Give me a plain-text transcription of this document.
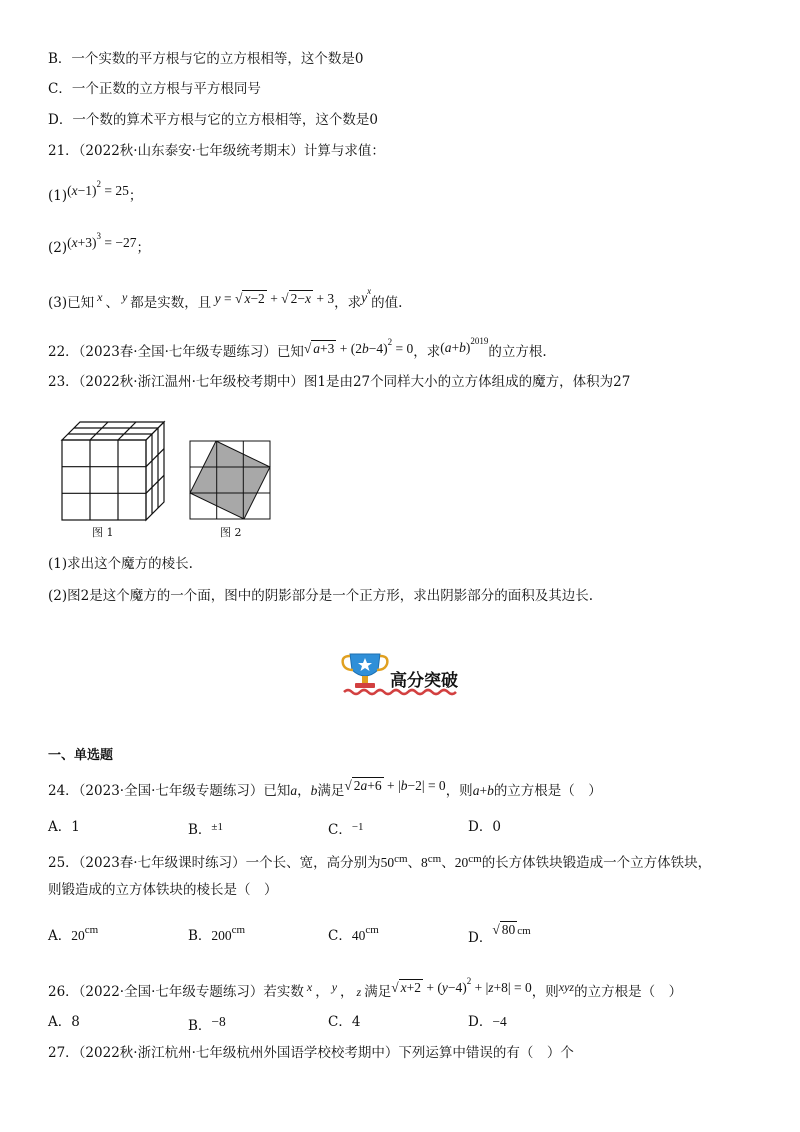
B．一个实数的平方根与它的立方根相等，这个数是0
C．一个正数的立方根与平方根同号
D．一个数的算术平方根与它的立方根相等，这个数是0
21．（2022秋·山东泰安·七年级统考期末）计算与求值：
$(1)(x-1)^2 = 25$；
$(2)(x+3)^3 = -27$；
(3)已知 x 、 y 都是实数，且 y = √ x−2 + √ 2−x + 3，求$y^x$的值.
22．（2023春·全国·七年级专题练习）已知√ $a+3 + (2b-4)^2 = 0$，求$(a+b)^{2019}$的立方根.
23．（2022秋·浙江温州·七年级校考期中）图1是由27个同样大小的立方体组成的魔方，体积为27
图 1	图 2
(1)求出这个魔方的棱长.
(2)图2是这个魔方的一个面，图中的阴影部分是一个正方形，求出阴影部分的面积及其边长.
高分突破
一、单选题
24．（2023·全国·七年级专题练习）已知a，b满足√ 2a+6 + |b−2| = 0，则a+b的立方根是（　）
A．1	B．$^{\pm 1}$	C．$^{-1}$	D．0
25．（2023春·七年级课时练习）一个长、宽，高分别为$50^{cm}$、$8^{cm}$、$20^{cm}$的长方体铁块锻造成一个立方体铁块，
则锻造成的立方体铁块的棱长是（　）
A．$20^{cm}$	B．$200^{cm}$	C．$40^{cm}$	D．√ 80 $^{cm}$
26．（2022·全国·七年级专题练习）若实数 x ， y ， z 满足√ $x+2 + (y-4)^2 + |z+8| = 0$，则xyz的立方根是（　）
A．8	B．−8	C．4	D．−4
27．（2022秋·浙江杭州·七年级杭州外国语学校校考期中）下列运算中错误的有（　）个
